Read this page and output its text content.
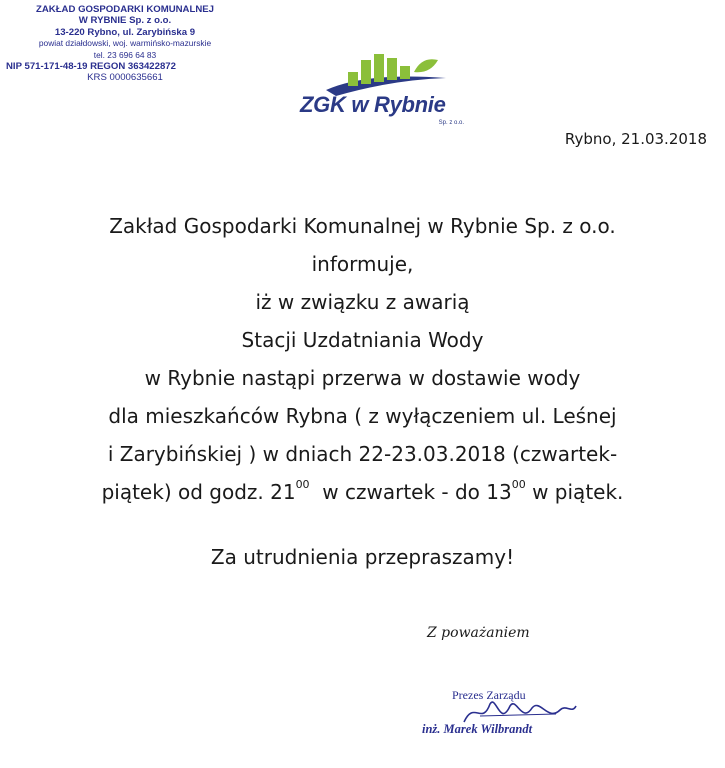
ZAKŁAD GOSPODARKI KOMUNALNEJ
W RYBNIE Sp. z o.o.
13-220 Rybno, ul. Zarybińska 9
powiat działdowski, woj. warmińsko-mazurskie
tel. 23 696 64 83
NIP 571-171-48-19 REGON 363422872
KRS 0000635661
ZGK w Rybnie
Sp. z o.o.
Rybno, 21.03.2018
Zakład Gospodarki Komunalnej w Rybnie Sp. z o.o.
informuje,
iż w związku z awarią
Stacji Uzdatniania Wody
w Rybnie nastąpi przerwa w dostawie wody
dla mieszkańców Rybna ( z wyłączeniem ul. Leśnej
i Zarybińskiej ) w dniach 22-23.03.2018 (czwartek-
piątek) od godz. $21^{00}$  w czwartek - do $13^{00}$ w piątek.
Za utrudnienia przepraszamy!
Z poważaniem
Prezes Zarządu
inż. Marek Wilbrandt
